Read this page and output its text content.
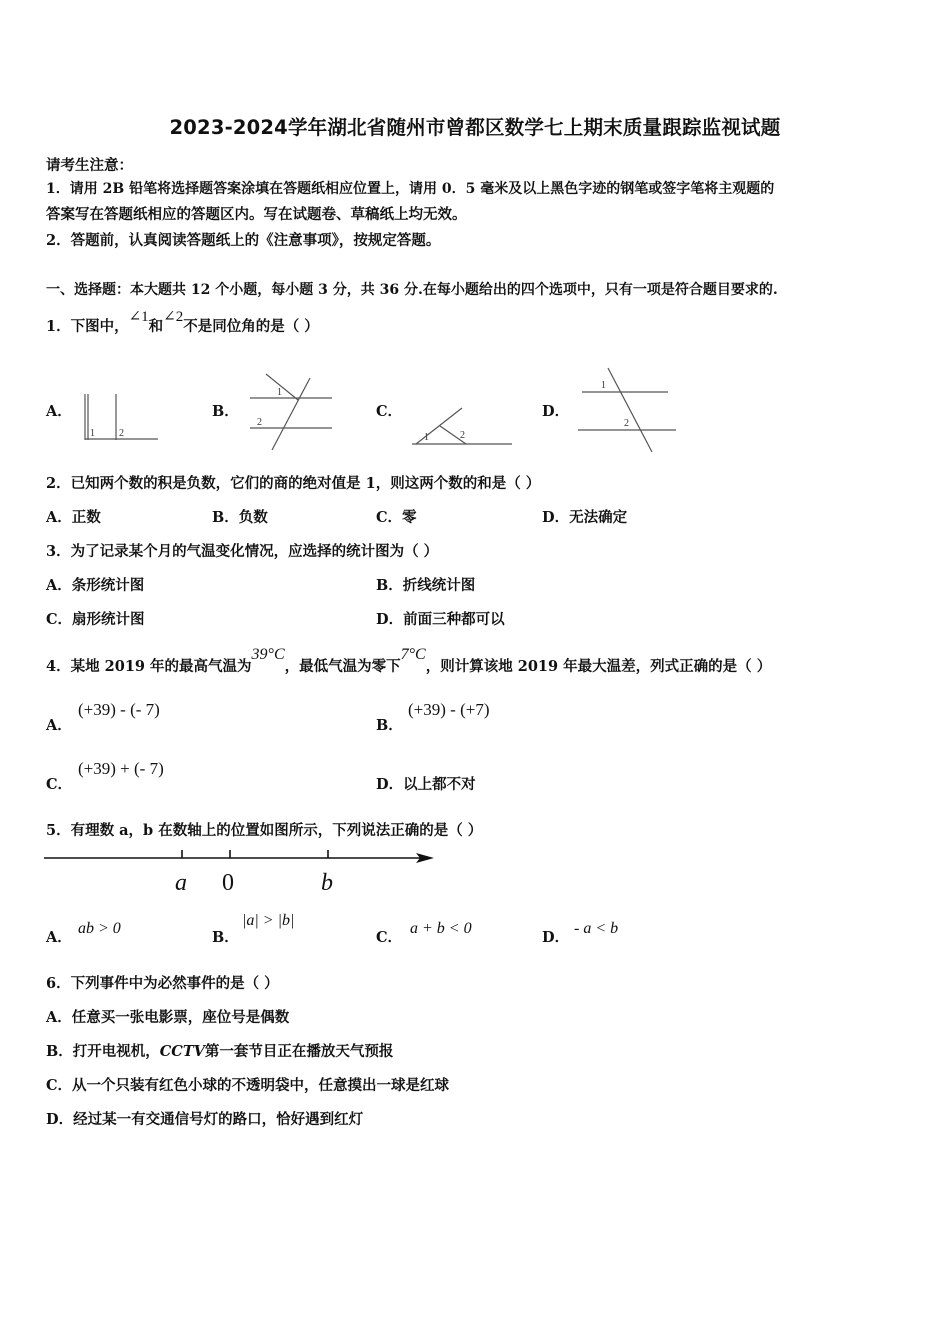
2023-2024学年湖北省随州市曾都区数学七上期末质量跟踪监视试题
请考生注意：
1．请用 2B 铅笔将选择题答案涂填在答题纸相应位置上，请用 0．5 毫米及以上黑色字迹的钢笔或签字笔将主观题的
答案写在答题纸相应的答题区内。写在试题卷、草稿纸上均无效。
2．答题前，认真阅读答题纸上的《注意事项》，按规定答题。
一、选择题：本大题共 12 个小题，每小题 3 分，共 36 分.在每小题给出的四个选项中，只有一项是符合题目要求的.
1．下图中，∠1和∠2不是同位角的是（ ）
A．	B．	C．	D．
1 2
1
2
1	2
1
2
2．已知两个数的积是负数，它们的商的绝对值是 1，则这两个数的和是（ ）
A．正数	B．负数	C．零	D．无法确定
3．为了记录某个月的气温变化情况，应选择的统计图为（ ）
A．条形统计图	B．折线统计图
C．扇形统计图	D．前面三种都可以
4．某地 2019 年的最高气温为39°C，最低气温为零下7°C，则计算该地 2019 年最大温差，列式正确的是（ ）
A．
(+39) - (- 7)
B．
(+39) - (+7)
C．
(+39) + (- 7)
D．以上都不对
5．有理数 a，b 在数轴上的位置如图所示，下列说法正确的是（ ）
a 0	b
A．
ab > 0
B．
|a| > |b|
C．
a + b < 0
D．
- a < b
6．下列事件中为必然事件的是（ ）
A．任意买一张电影票，座位号是偶数
B．打开电视机，CCTV第一套节目正在播放天气预报
C．从一个只装有红色小球的不透明袋中，任意摸出一球是红球
D．经过某一有交通信号灯的路口，恰好遇到红灯
